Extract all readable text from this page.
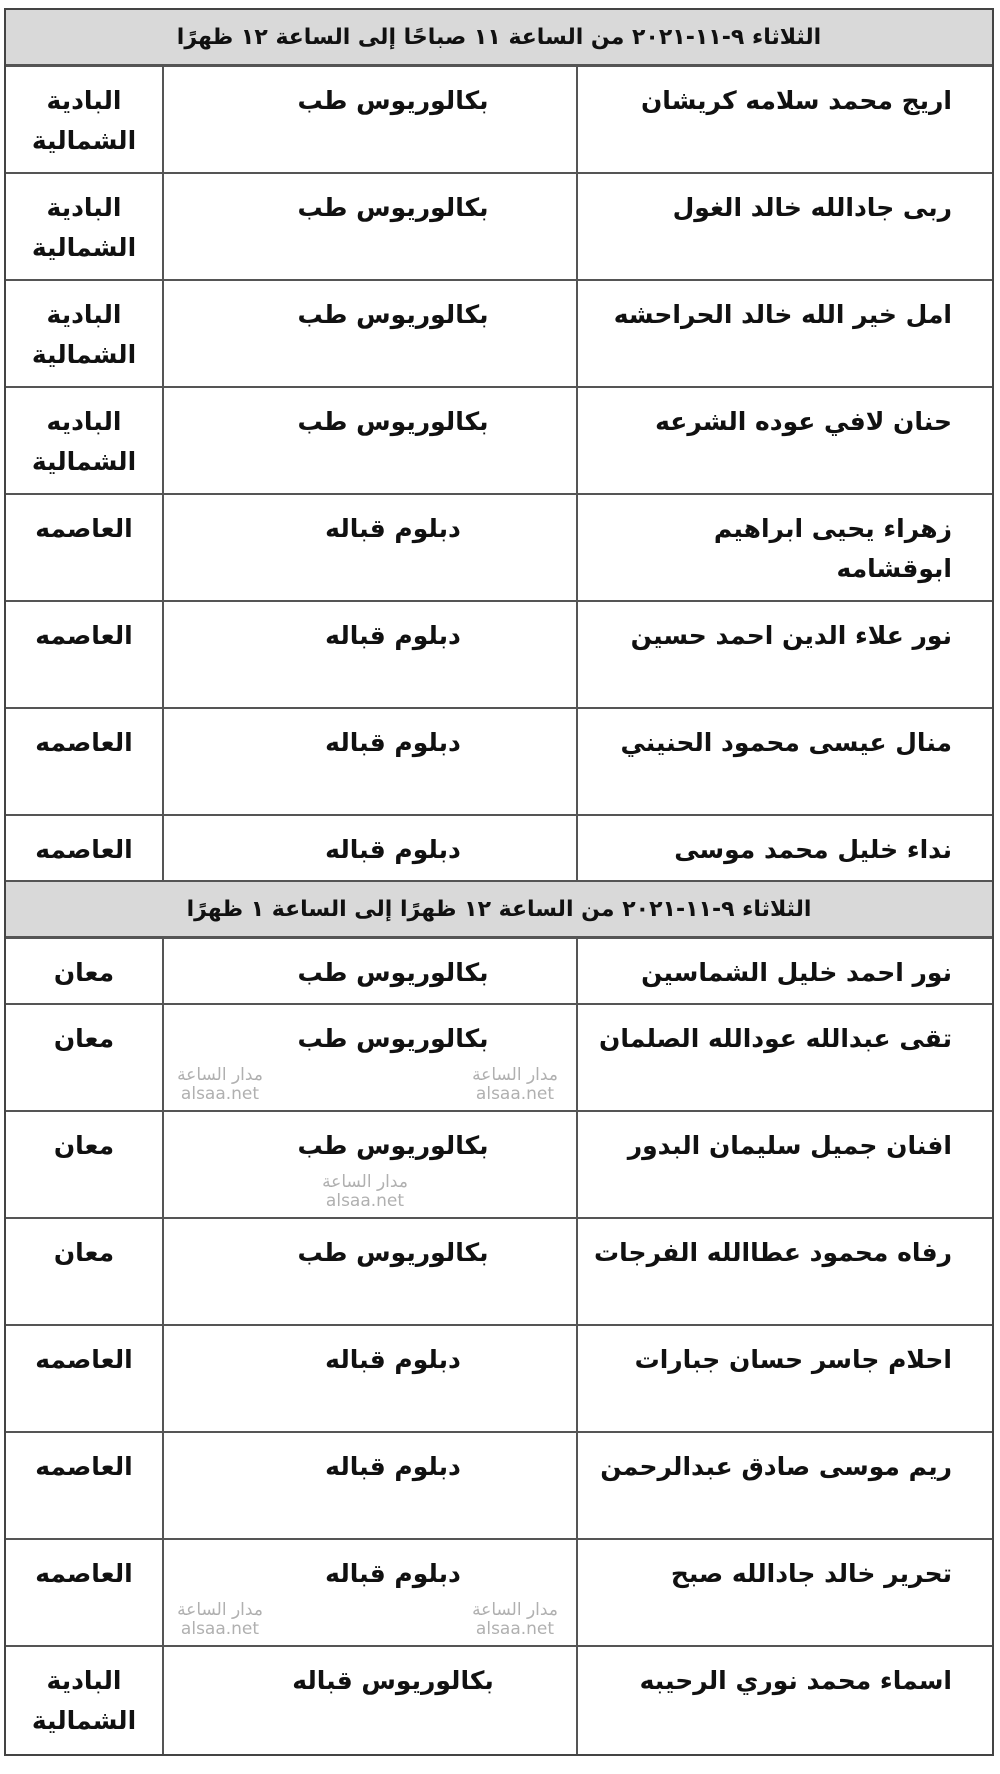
الثلاثاء ٩-١١-٢٠٢١ من الساعة ١١ صباحًا إلى الساعة ١٢ ظهرًا
اريج محمد سلامه كريشان
بكالوريوس طب
البادية الشمالية
ربى جادالله خالد الغول
بكالوريوس طب
البادية الشمالية
امل خير الله خالد الحراحشه
بكالوريوس طب
البادية الشمالية
حنان لافي عوده الشرعه
بكالوريوس طب
الباديه الشمالية
زهراء يحيى ابراهيم ابوقشامه
دبلوم قباله
العاصمه
نور علاء الدين احمد حسين
دبلوم قباله
العاصمه
منال عيسى محمود الحنيني
دبلوم قباله
العاصمه
نداء خليل محمد موسى
دبلوم قباله
العاصمه
الثلاثاء ٩-١١-٢٠٢١ من الساعة ١٢ ظهرًا إلى الساعة ١ ظهرًا
نور احمد خليل الشماسين
بكالوريوس طب
معان
تقى عبدالله عودالله الصلمان
بكالوريوس طب
معان
افنان جميل سليمان البدور
بكالوريوس طب
معان
رفاه محمود عطاالله الفرجات
بكالوريوس طب
معان
احلام جاسر حسان جبارات
دبلوم قباله
العاصمه
ريم موسى صادق عبدالرحمن
دبلوم قباله
العاصمه
تحرير خالد جادالله صبح
دبلوم قباله
العاصمه
اسماء محمد نوري الرحيبه
بكالوريوس قباله
البادية الشمالية
مدار الساعة
alsaa.net
مدار الساعة
alsaa.net
مدار الساعة
alsaa.net
مدار الساعة
alsaa.net
مدار الساعة
alsaa.net
